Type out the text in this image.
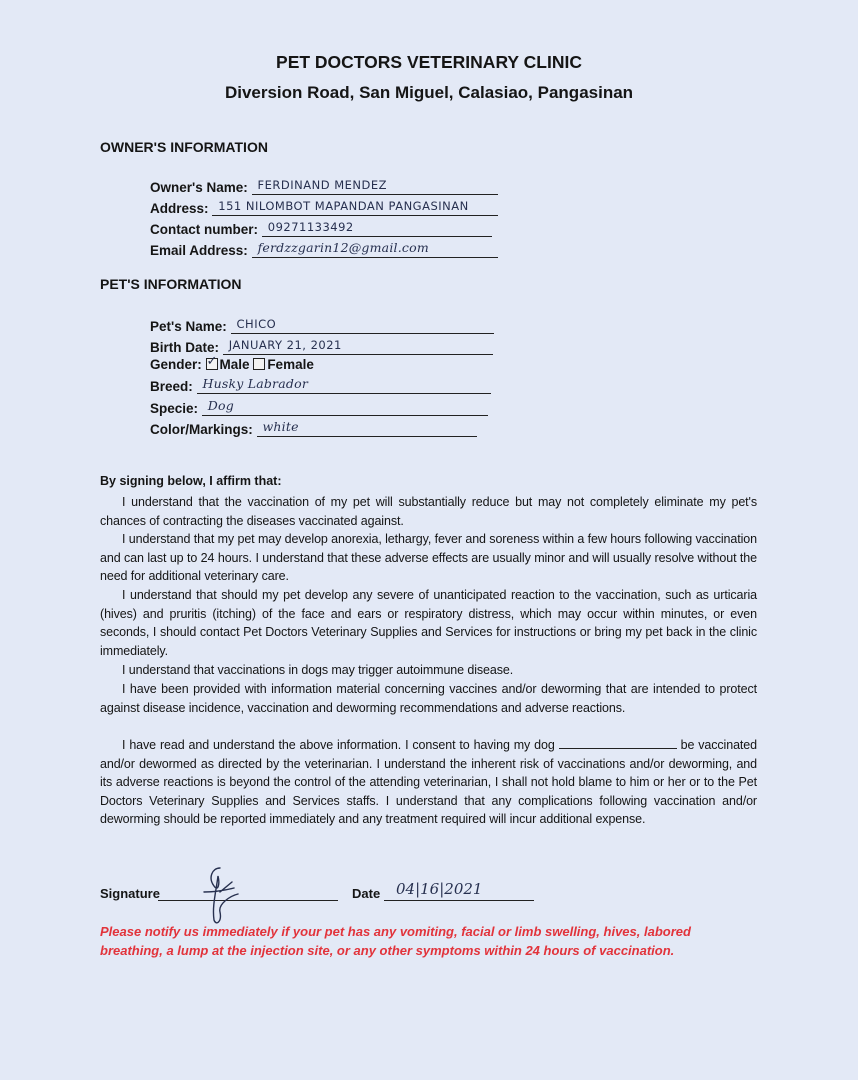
PET DOCTORS VETERINARY CLINIC
Diversion Road, San Miguel, Calasiao, Pangasinan
OWNER'S INFORMATION
Owner's Name: FERDINAND MENDEZ
Address: 151 NILOMBOT MAPANDAN PANGASINAN
Contact number: 09271133492
Email Address: ferdzzgarin12@gmail.com
PET'S INFORMATION
Pet's Name: CHICO
Birth Date: JANUARY 21, 2021
Gender: ✓ Male Female
Breed: Husky Labrador
Specie: Dog
Color/Markings: white
By signing below, I affirm that:

I understand that the vaccination of my pet will substantially reduce but may not completely eliminate my pet's chances of contracting the diseases vaccinated against.

I understand that my pet may develop anorexia, lethargy, fever and soreness within a few hours following vaccination and can last up to 24 hours. I understand that these adverse effects are usually minor and will usually resolve without the need for additional veterinary care.

I understand that should my pet develop any severe of unanticipated reaction to the vaccination, such as urticaria (hives) and pruritis (itching) of the face and ears or respiratory distress, which may occur within minutes, or even seconds, I should contact Pet Doctors Veterinary Supplies and Services for instructions or bring my pet back in the clinic immediately.

I understand that vaccinations in dogs may trigger autoimmune disease.

I have been provided with information material concerning vaccines and/or deworming that are intended to protect against disease incidence, vaccination and deworming recommendations and adverse reactions.

I have read and understand the above information. I consent to having my dog	be vaccinated and/or dewormed as directed by the veterinarian. I understand the inherent risk of vaccinations and/or deworming, and its adverse reactions is beyond the control of the attending veterinarian, I shall not hold blame to him or her or to the Pet Doctors Veterinary Supplies and Services staffs. I understand that any complications following vaccination and/or deworming should be reported immediately and any treatment required will incur additional expense.

Signature	Date 04|16|2021
Please notify us immediately if your pet has any vomiting, facial or limb swelling, hives, labored breathing, a lump at the injection site, or any other symptoms within 24 hours of vaccination.
